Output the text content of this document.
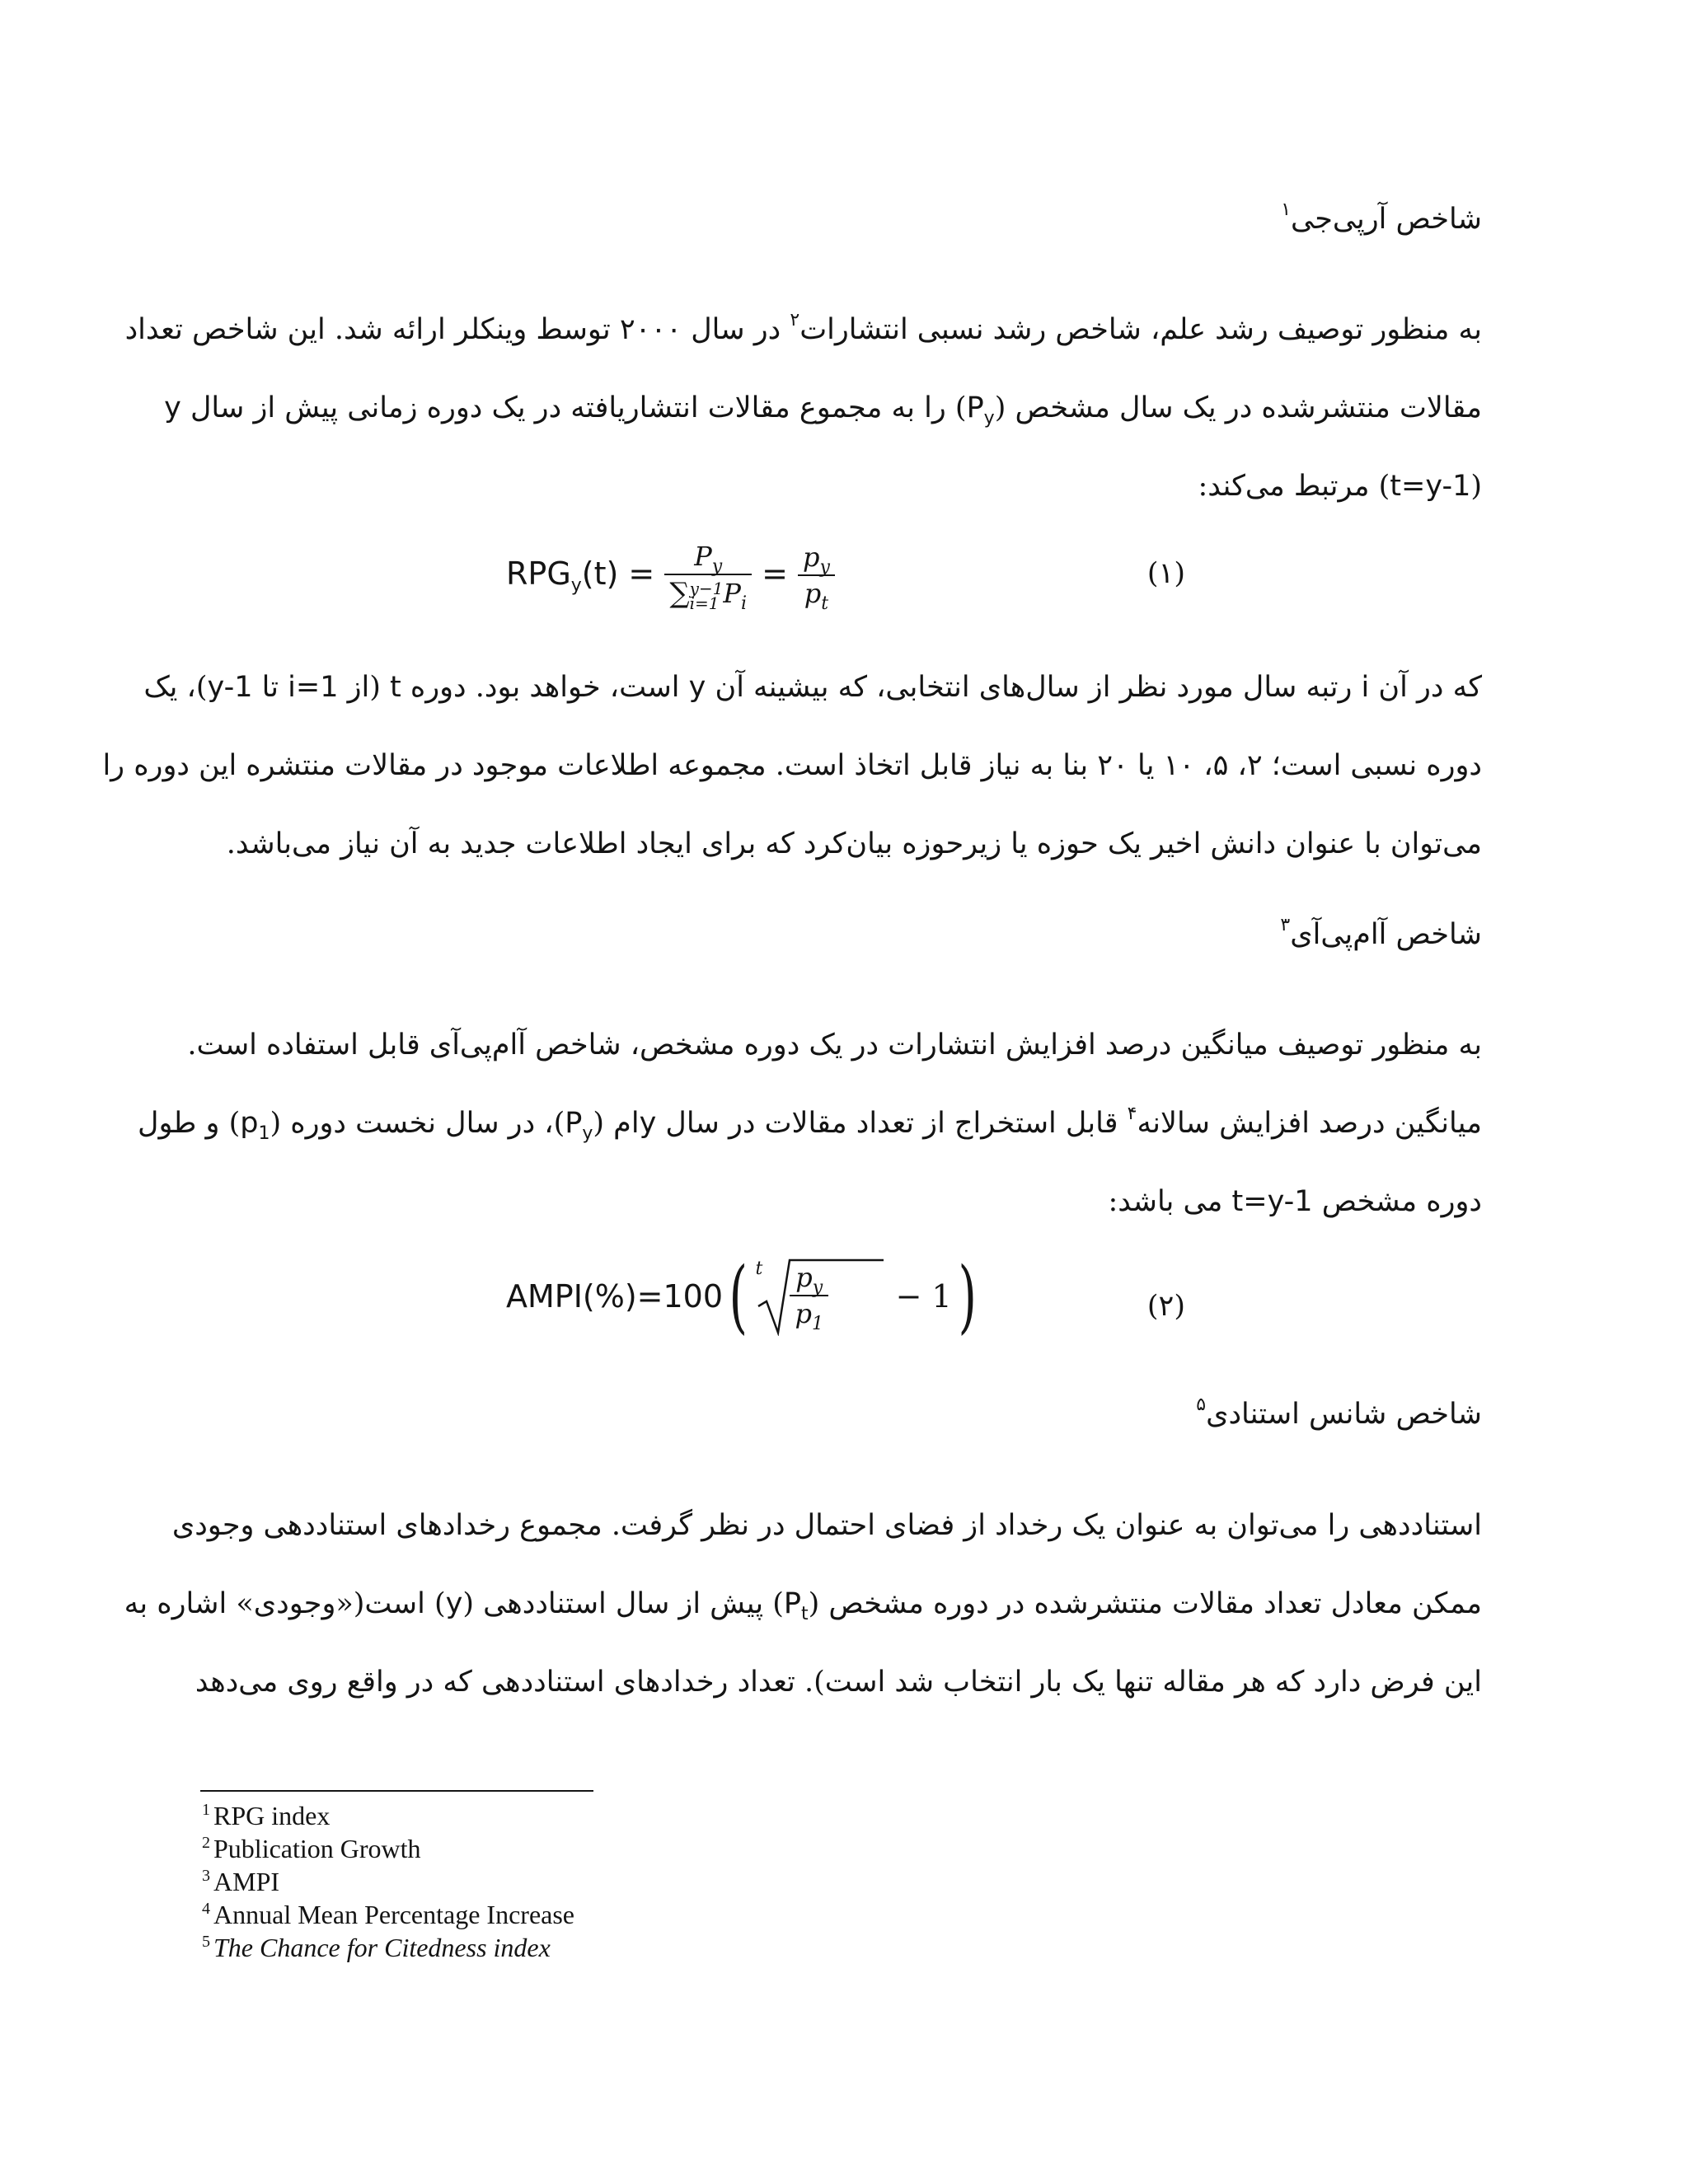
شاخص آرپی‌جی$^۱$
به منظور توصیف رشد علم، شاخص رشد نسبی انتشارات$^۲$ در سال ۲۰۰۰ توسط وینکلر ارائه شد. این شاخص تعداد
مقالات منتشرشده در یک سال مشخص $(P_y)$ را به مجموع مقالات انتشاریافته در یک دوره زمانی پیش از سال y
(t=y-1) مرتبط می‌کند:
$RPG_y(t) = P_y$
∑ y−1
i=1 $P_i = \frac{p_y}{p_t}$	(۱)
که در آن i رتبه سال مورد نظر از سال‌های انتخابی، که بیشینه آن y است، خواهد بود. دوره t (از i=1 تا y-1)، یک
دوره نسبی است؛ ۲، ۵، ۱۰ یا ۲۰ بنا به نیاز قابل اتخاذ است. مجموعه اطلاعات موجود در مقالات منتشره این دوره را
می‌توان با عنوان دانش اخیر یک حوزه یا زیرحوزه بیان‌کرد که برای ایجاد اطلاعات جدید به آن نیاز می‌باشد.
شاخص آام‌پی‌آی$^۳$
به منظور توصیف میانگین درصد افزایش انتشارات در یک دوره مشخص، شاخص آام‌پی‌آی قابل استفاده است.
میانگین درصد افزایش سالانه$^۴$ قابل استخراج از تعداد مقالات در سال yام $(P_y)،$ در سال نخست دوره $(p_1)$ و طول
دوره مشخص t=y-1 می باشد:
AMPI(%)=100( t $\frac{p_y}{p_1} - 1$)	(۲)
شاخص شانس استنادی$^۵$
استناددهی را می‌توان به عنوان یک رخداد از فضای احتمال در نظر گرفت. مجموع رخدادهای استناددهی وجودی
ممکن معادل تعداد مقالات منتشرشده در دوره مشخص $(P_t)$ پیش از سال استناددهی (y) است(«وجودی» اشاره به
این فرض دارد که هر مقاله تنها یک بار انتخاب شد است). تعداد رخدادهای استناددهی که در واقع روی می‌دهد
$^1$ RPG index
$^2$ Publication Growth
$^3$ AMPI
$^4$ Annual Mean Percentage Increase
$^5$ The Chance for Citedness index
